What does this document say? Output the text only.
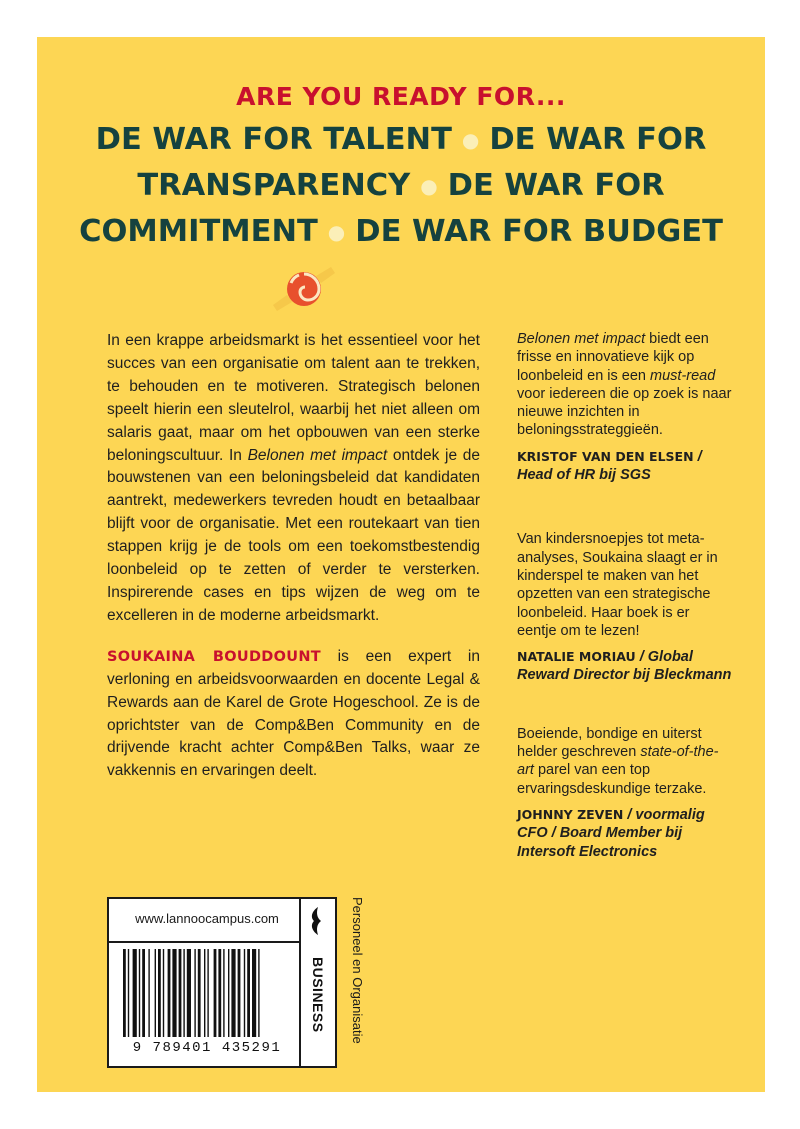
ARE YOU READY FOR...
DE WAR FOR TALENT ● DE WAR FOR
TRANSPARENCY ● DE WAR FOR
COMMITMENT ● DE WAR FOR BUDGET

In een krappe arbeidsmarkt is het essentieel voor het succes van een organisatie om talent aan te trekken, te behouden en te motiveren. Strategisch belonen speelt hierin een sleutelrol, waarbij het niet alleen om salaris gaat, maar om het opbouwen van een sterke beloningscultuur. In Belonen met impact ontdek je de bouwstenen van een beloningsbeleid dat kandidaten aantrekt, medewerkers tevreden houdt en betaalbaar blijft voor de organisatie. Met een routekaart van tien stappen krijg je de tools om een toekomstbestendig loonbeleid op te zetten of verder te versterken. Inspirerende cases en tips wijzen de weg om te excelleren in de moderne arbeidsmarkt.

SOUKAINA BOUDDOUNT is een expert in verloning en arbeidsvoorwaarden en docente Legal & Rewards aan de Karel de Grote Hogeschool. Ze is de oprichtster van de Comp&Ben Community en de drijvende kracht achter Comp&Ben Talks, waar ze vakkennis en ervaringen deelt.

Belonen met impact biedt een frisse en innovatieve kijk op loonbeleid en is een must-read voor iedereen die op zoek is naar nieuwe inzichten in beloningsstrateggieën.

KRISTOF VAN DEN ELSEN / Head of HR bij SGS

Van kindersnoepjes tot meta-analyses, Soukaina slaagt er in kinderspel te maken van het opzetten van een strategische loonbeleid. Haar boek is er eentje om te lezen!

NATALIE MORIAU / Global Reward Director bij Bleckmann

Boeiende, bondige en uiterst helder geschreven state-of-the-art parel van een top ervaringsdeskundige terzake.

JOHNNY ZEVEN / voormalig CFO / Board Member bij Intersoft Electronics

www.lannoocampus.com
9 789401 435291
BUSINESS	Personeel en Organisatie
